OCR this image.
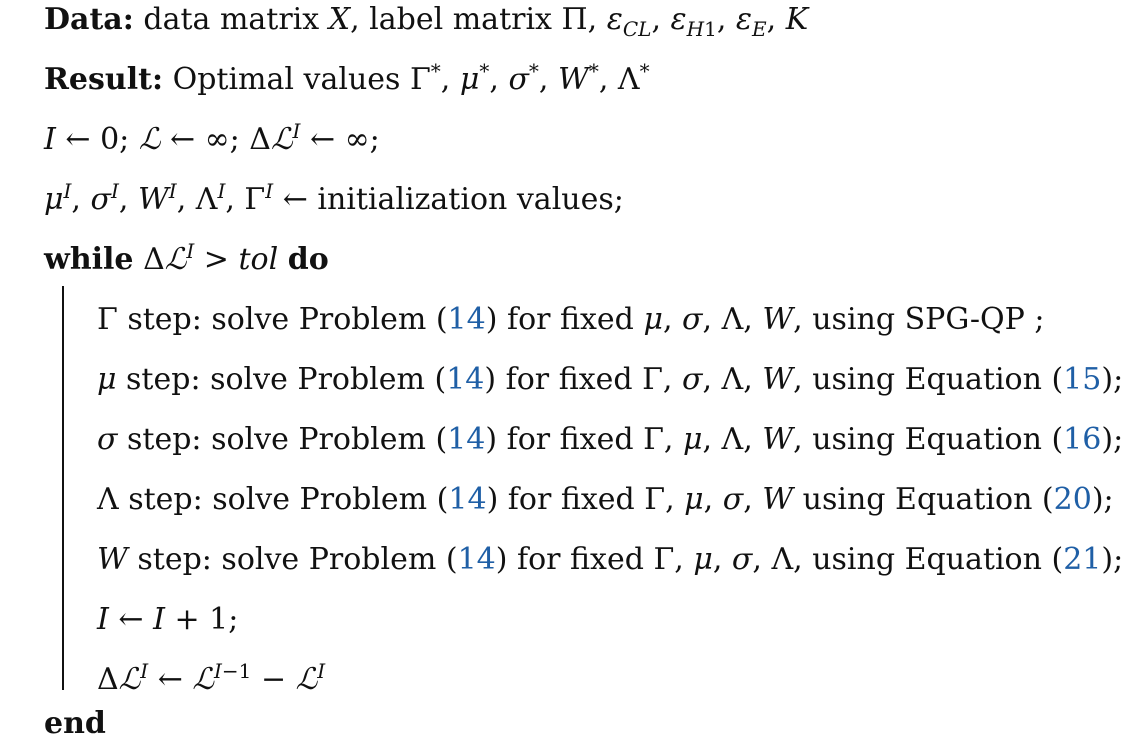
Data: data matrix X, label matrix Π, $\varepsilon_{CL}$, $\varepsilon_{H1}$, $\varepsilon_E$, K
Result: Optimal values Γ*, μ*, σ*, W*, Λ*
I ← 0; ℒ ← ∞; Δℒ$^I$ ← ∞;
$\mu^I$, $\sigma^I$, $W^I$, $\Lambda^I$, $\Gamma^I$ ← initialization values;
while Δℒ$^I$ > tol do
Γ step: solve Problem (14) for fixed μ, σ, Λ, W, using SPG-QP ;
μ step: solve Problem (14) for fixed Γ, σ, Λ, W, using Equation (15);
σ step: solve Problem (14) for fixed Γ, μ, Λ, W, using Equation (16);
Λ step: solve Problem (14) for fixed Γ, μ, σ, W using Equation (20);
W step: solve Problem (14) for fixed Γ, μ, σ, Λ, using Equation (21);
I ← I + 1;
Δℒ$^I$ ← ℒ$^{I-1}$ − ℒ$^I$
end
